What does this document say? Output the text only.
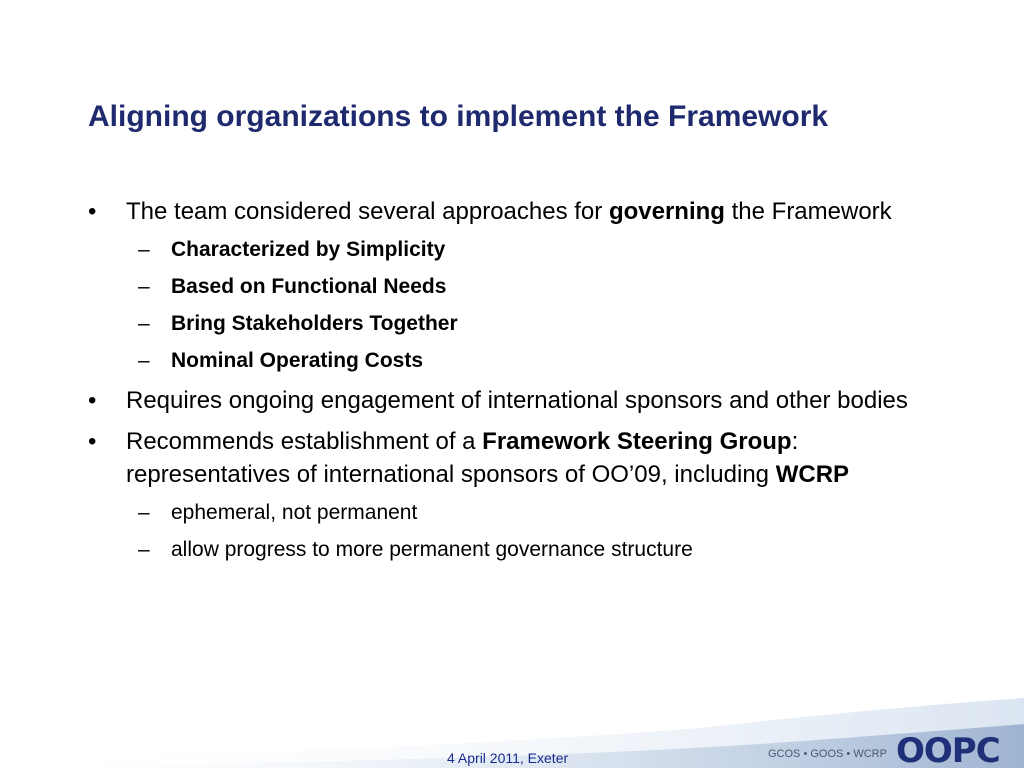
Aligning organizations to implement the Framework
• The team considered several approaches for governing the Framework
– Characterized by Simplicity
– Based on Functional Needs
– Bring Stakeholders Together
– Nominal Operating Costs
• Requires ongoing engagement of international sponsors and other bodies
• Recommends establishment of a Framework Steering Group: representatives of international sponsors of OO’09, including WCRP
– ephemeral, not permanent
– allow progress to more permanent governance structure
4 April 2011, Exeter	GCOS • GOOS • WCRP OOPC
